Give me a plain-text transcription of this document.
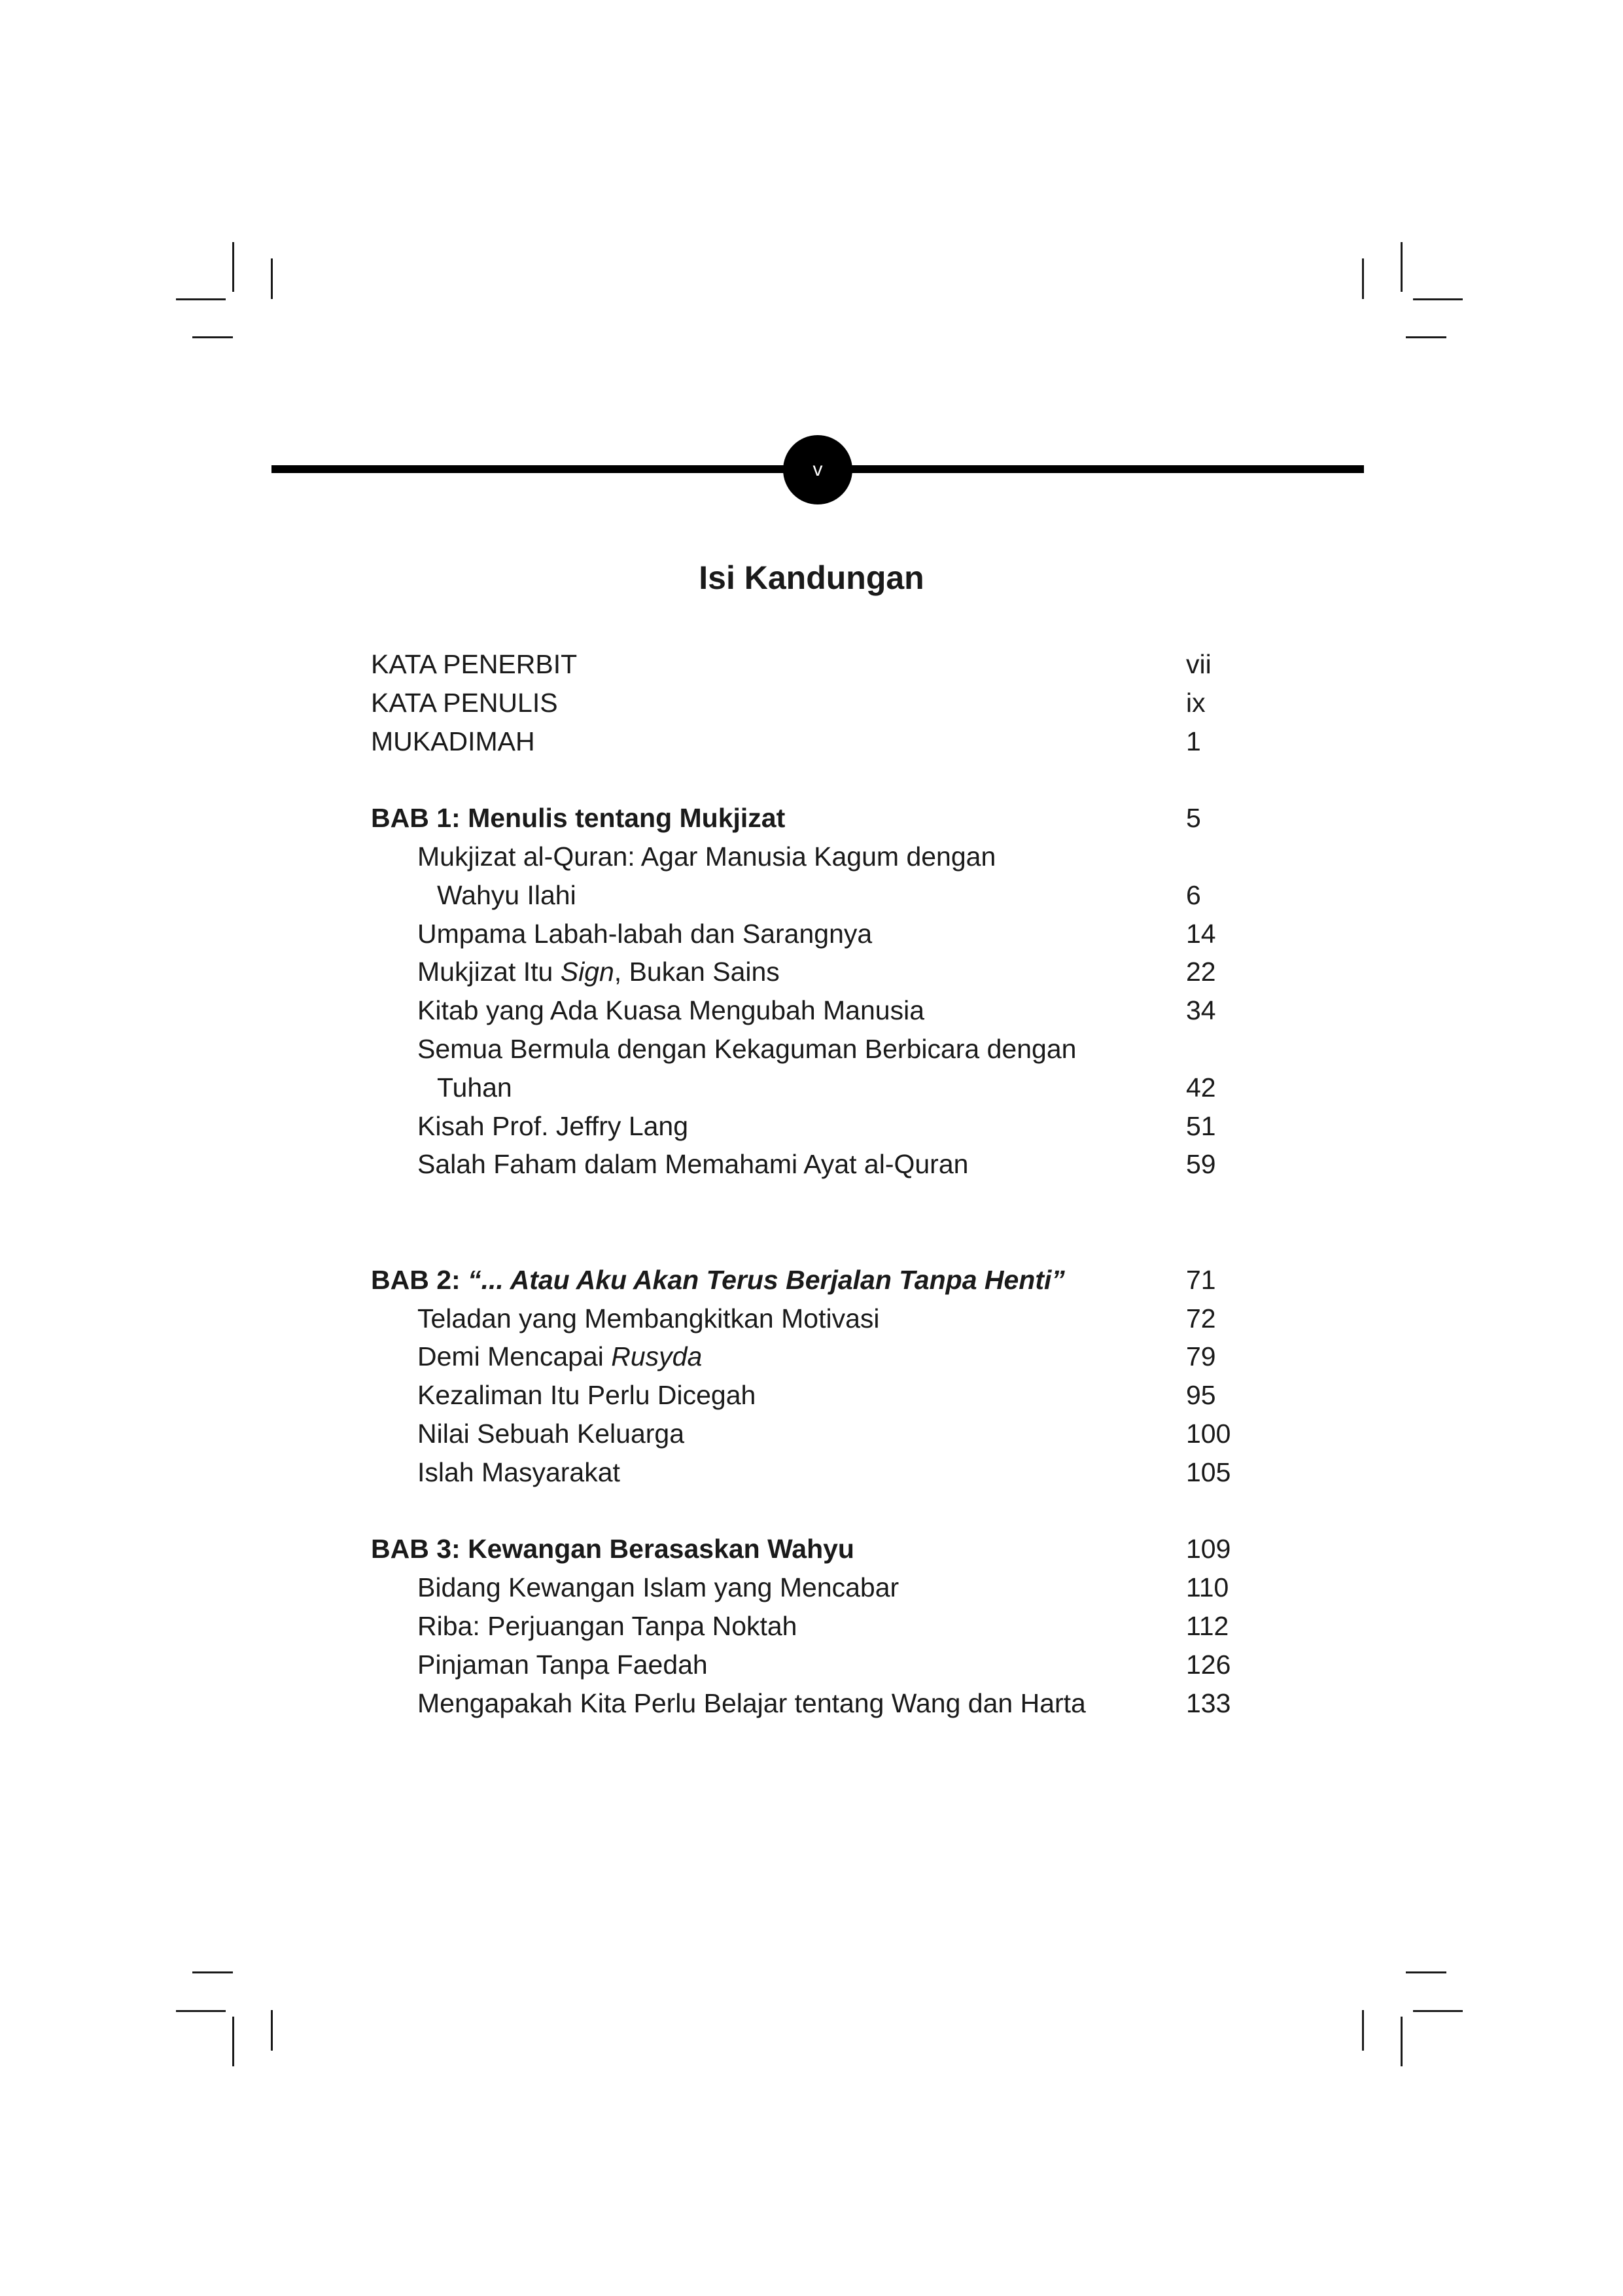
v
Isi Kandungan
KATA PENERBIT	vii
KATA PENULIS	ix
MUKADIMAH	1
BAB 1: Menulis tentang Mukjizat	5
Mukjizat al-Quran: Agar Manusia Kagum dengan
Wahyu Ilahi	6
Umpama Labah-labah dan Sarangnya	14
Mukjizat Itu Sign, Bukan Sains	22
Kitab yang Ada Kuasa Mengubah Manusia	34
Semua Bermula dengan Kekaguman Berbicara dengan
Tuhan	42
Kisah Prof. Jeffry Lang	51
Salah Faham dalam Memahami Ayat al-Quran	59
BAB 2: “... Atau Aku Akan Terus Berjalan Tanpa Henti”	71
Teladan yang Membangkitkan Motivasi	72
Demi Mencapai Rusyda	79
Kezaliman Itu Perlu Dicegah	95
Nilai Sebuah Keluarga	100
Islah Masyarakat	105
BAB 3: Kewangan Berasaskan Wahyu	109
Bidang Kewangan Islam yang Mencabar	110
Riba: Perjuangan Tanpa Noktah	112
Pinjaman Tanpa Faedah	126
Mengapakah Kita Perlu Belajar tentang Wang dan Harta	133
